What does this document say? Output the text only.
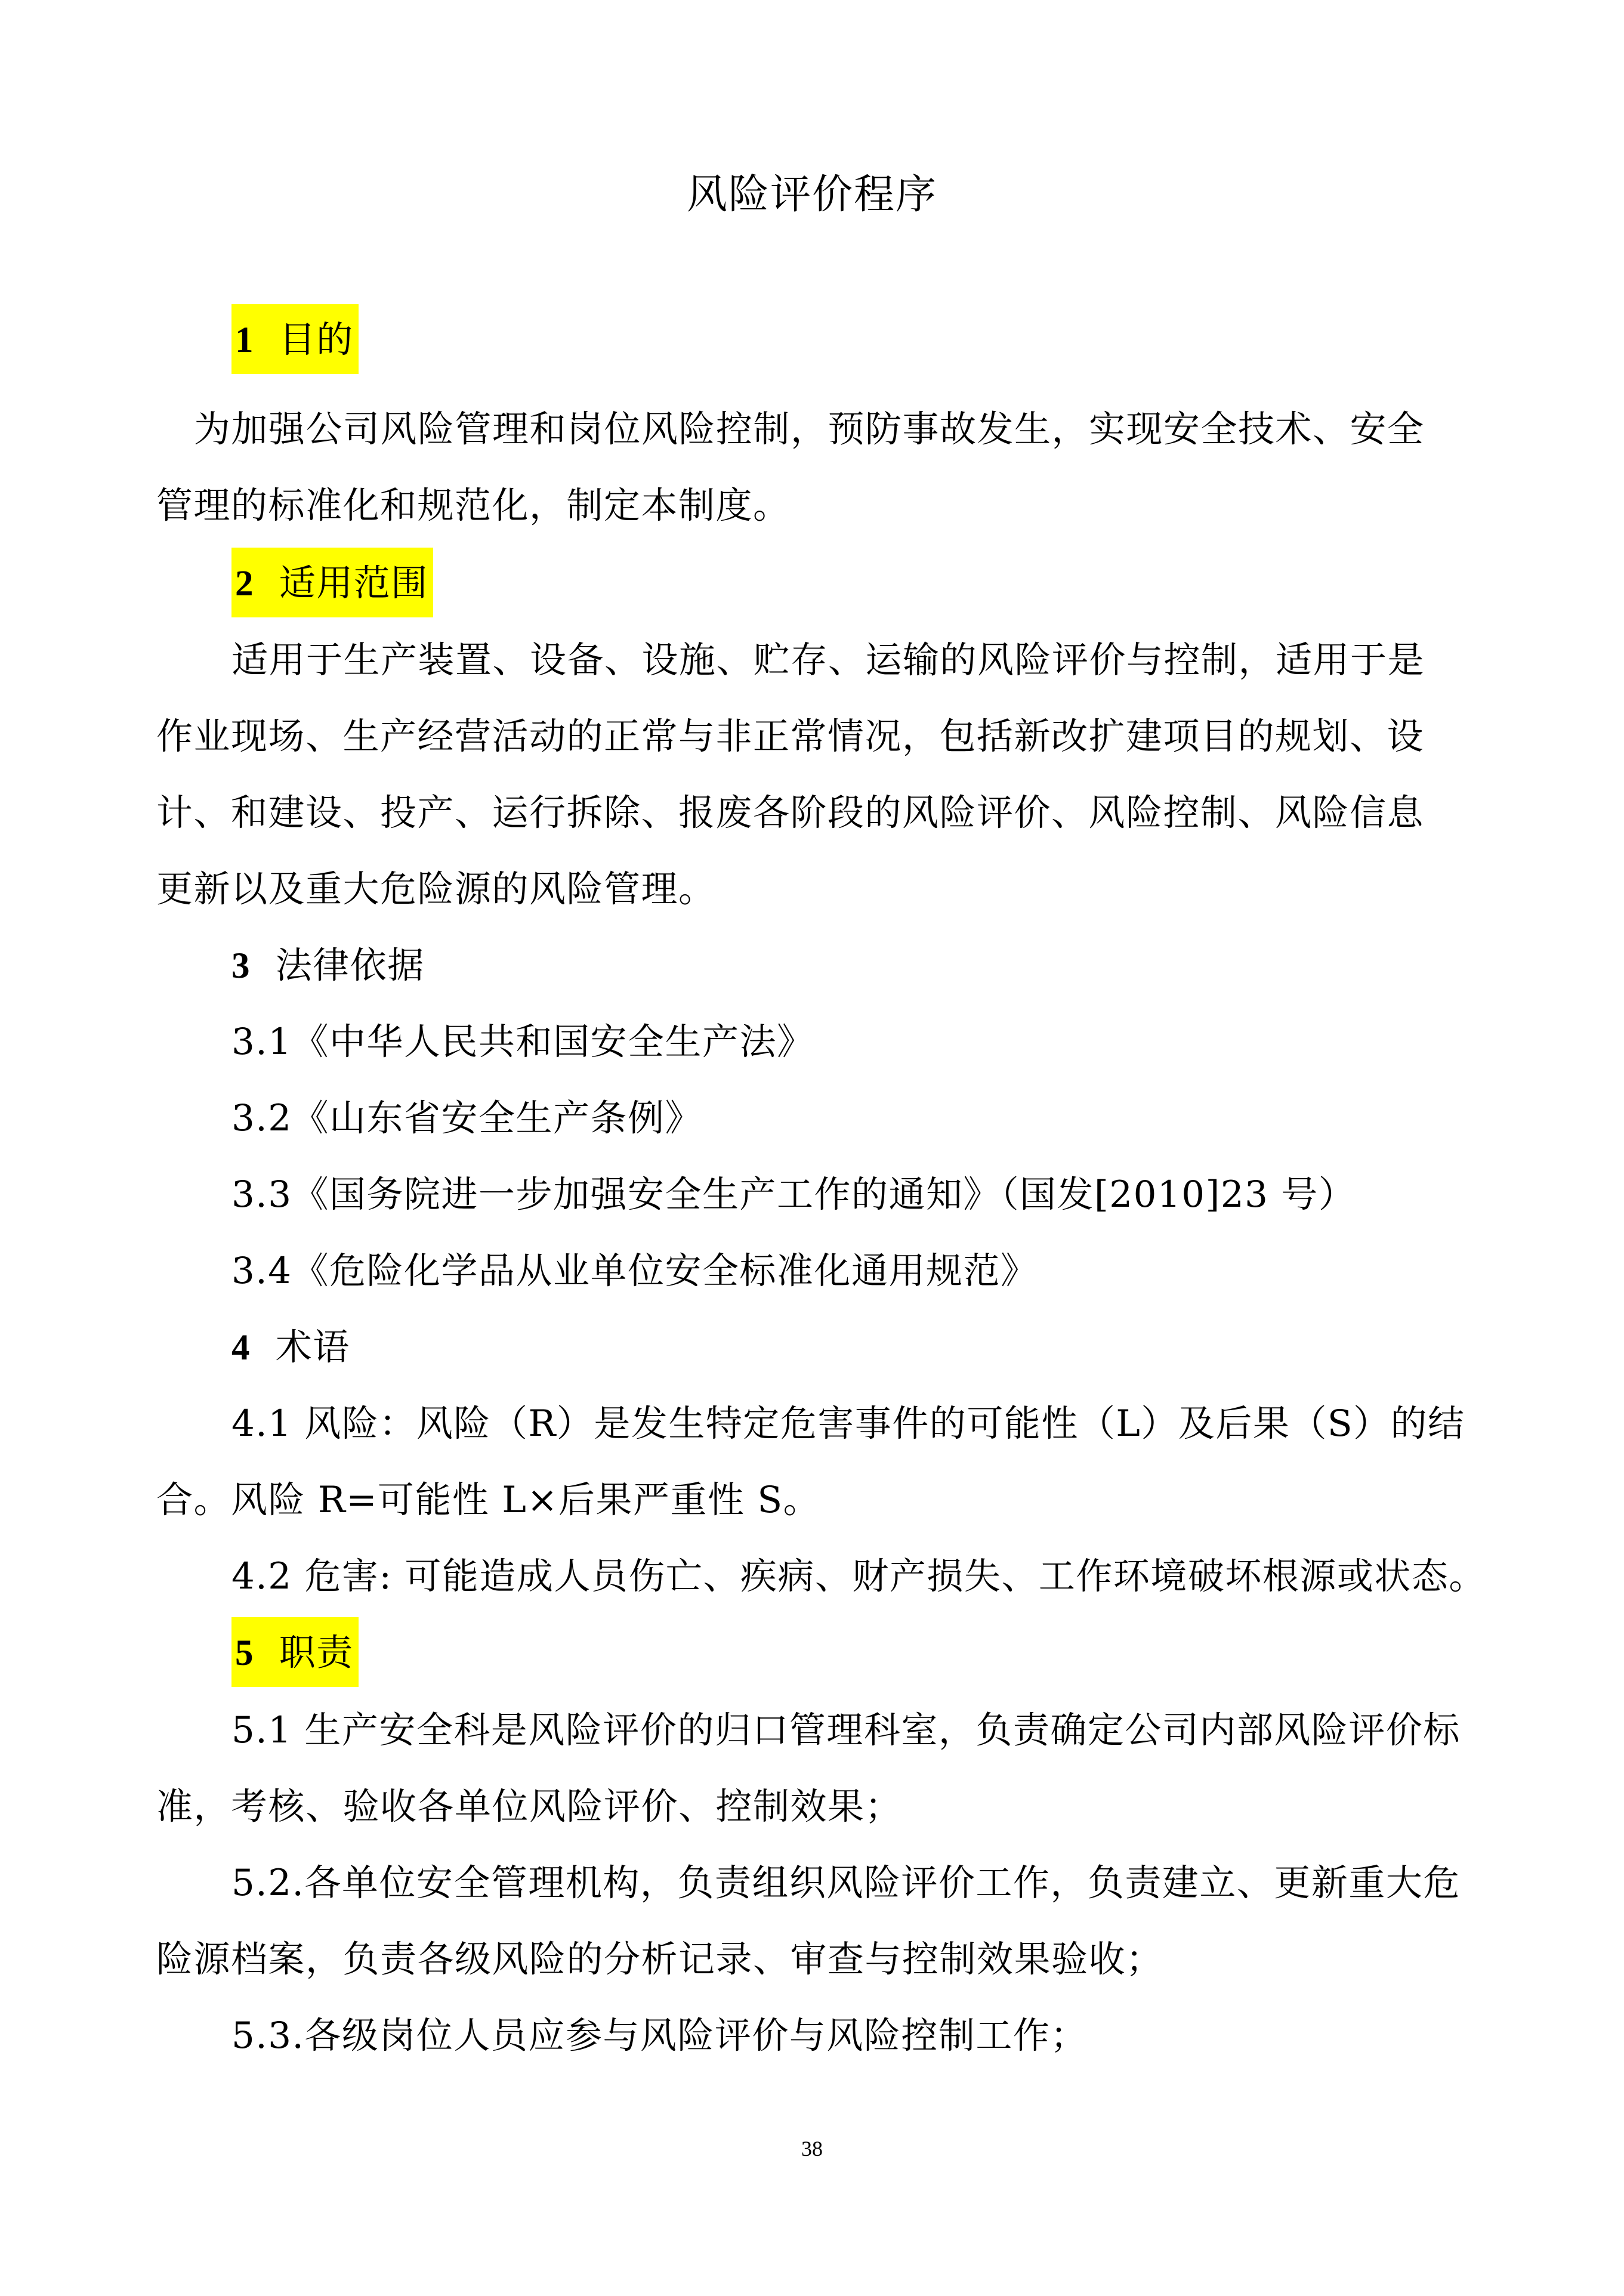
风险评价程序
1 目的
为加强公司风险管理和岗位风险控制，预防事故发生，实现安全技术、安全
管理的标准化和规范化，制定本制度。
2 适用范围
适用于生产装置、设备、设施、贮存、运输的风险评价与控制，适用于是
作业现场、生产经营活动的正常与非正常情况，包括新改扩建项目的规划、设
计、和建设、投产、运行拆除、报废各阶段的风险评价、风险控制、风险信息
更新以及重大危险源的风险管理。
3 法律依据
3.1《中华人民共和国安全生产法》
3.2《山东省安全生产条例》
3.3《国务院进一步加强安全生产工作的通知》（国发[2010]23 号）
3.4《危险化学品从业单位安全标准化通用规范》
4 术语
4.1 风险：风险（R）是发生特定危害事件的可能性（L）及后果（S）的结
合。风险 R=可能性 L×后果严重性 S。
4.2 危害: 可能造成人员伤亡、疾病、财产损失、工作环境破坏根源或状态。
5 职责
5.1 生产安全科是风险评价的归口管理科室，负责确定公司内部风险评价标
准，考核、验收各单位风险评价、控制效果；
5.2.各单位安全管理机构，负责组织风险评价工作，负责建立、更新重大危
险源档案，负责各级风险的分析记录、审查与控制效果验收；
5.3.各级岗位人员应参与风险评价与风险控制工作；
38
